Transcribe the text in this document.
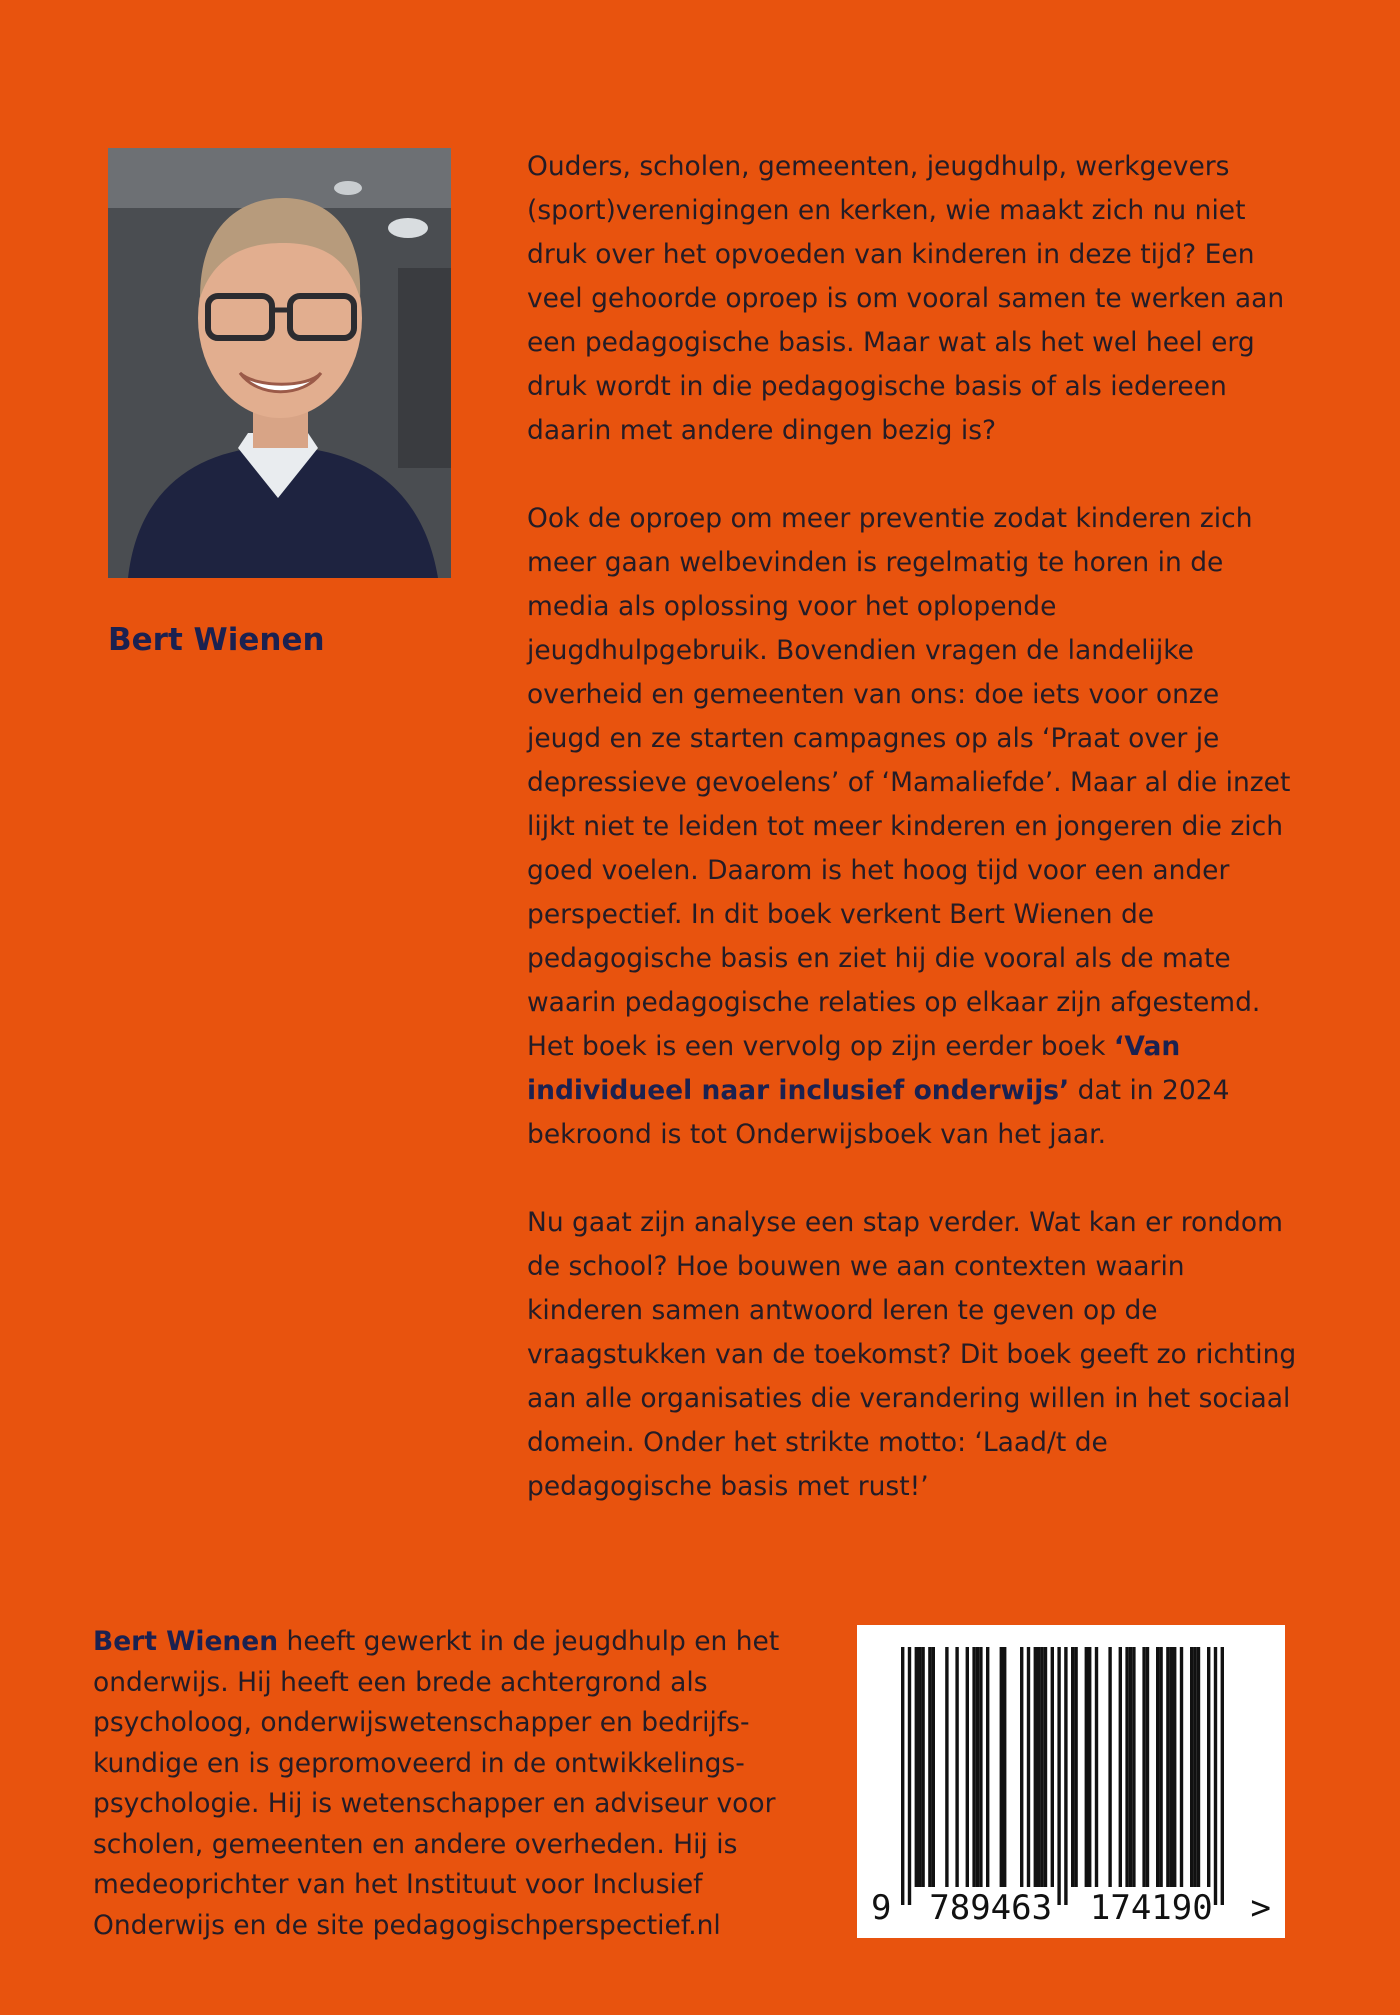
Bert Wienen

Ouders, scholen, gemeenten, jeugdhulp, werkgevers (sport)verenigingen en kerken, wie maakt zich nu niet druk over het opvoeden van kinderen in deze tijd? Een veel gehoorde oproep is om vooral samen te werken aan een pedagogische basis. Maar wat als het wel heel erg druk wordt in die pedagogische basis of als iedereen daarin met andere dingen bezig is?

Ook de oproep om meer preventie zodat kinderen zich meer gaan welbevinden is regelmatig te horen in de media als oplossing voor het oplopende jeugdhulpgebruik. Bovendien vragen de landelijke overheid en gemeenten van ons: doe iets voor onze jeugd en ze starten campagnes op als ‘Praat over je depressieve gevoelens’ of ‘Mamaliefde’. Maar al die inzet lijkt niet te leiden tot meer kinderen en jongeren die zich goed voelen. Daarom is het hoog tijd voor een ander perspectief. In dit boek verkent Bert Wienen de pedagogische basis en ziet hij die vooral als de mate waarin pedagogische relaties op elkaar zijn afgestemd. Het boek is een vervolg op zijn eerder boek ‘Van individueel naar inclusief onderwijs’ dat in 2024 bekroond is tot Onderwijsboek van het jaar.

Nu gaat zijn analyse een stap verder. Wat kan er rondom de school? Hoe bouwen we aan contexten waarin kinderen samen antwoord leren te geven op de vraagstukken van de toekomst? Dit boek geeft zo richting aan alle organisaties die verandering willen in het sociaal domein. Onder het strikte motto: ‘Laad/t de pedagogische basis met rust!’

Bert Wienen heeft gewerkt in de jeugdhulp en het onderwijs. Hij heeft een brede achtergrond als psycholoog, onderwijswetenschapper en bedrijfskundige en is gepromoveerd in de ontwikkelingspsychologie. Hij is wetenschapper en adviseur voor scholen, gemeenten en andere overheden. Hij is medeoprichter van het Instituut voor Inclusief Onderwijs en de site pedagogischperspectief.nl	9 789463 174190 >
